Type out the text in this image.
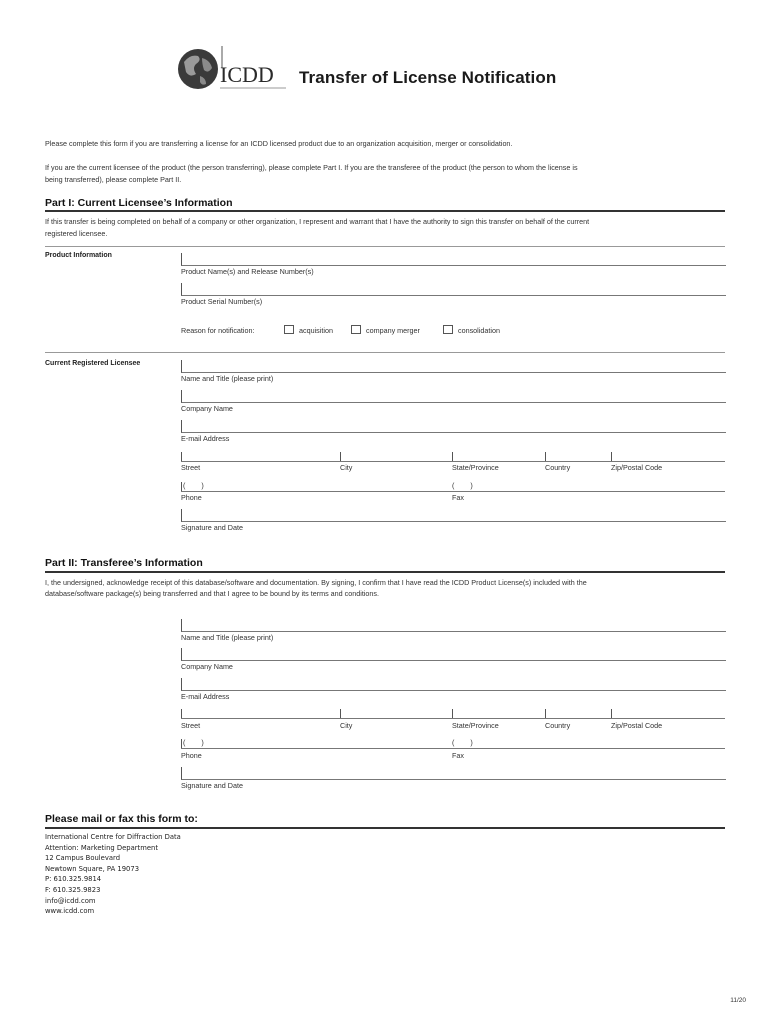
ICDD Transfer of License Notification
Please complete this form if you are transferring a license for an ICDD licensed product due to an organization acquisition, merger or consolidation.
If you are the current licensee of the product (the person transferring), please complete Part I. If you are the transferee of the product (the person to whom the license is
being transferred), please complete Part II.
Part I: Current Licensee’s Information
If this transfer is being completed on behalf of a company or other organization, I represent and warrant that I have the authority to sign this transfer on behalf of the current
registered licensee.
Product Information
Product Name(s) and Release Number(s)
Product Serial Number(s)
Reason for notification:	acquisition	company merger	consolidation
Current Registered Licensee
Name and Title (please print)
Company Name
E-mail Address
Street	City	State/Province	Country	Zip/Postal Code
(        )	(        )
Phone	Fax
Signature and Date
Part II: Transferee’s Information
I, the undersigned, acknowledge receipt of this database/software and documentation. By signing, I confirm that I have read the ICDD Product License(s) included with the
database/software package(s) being transferred and that I agree to be bound by its terms and conditions.
Name and Title (please print)
Company Name
E-mail Address
Street	City	State/Province	Country	Zip/Postal Code
(        )	(        )
Phone	Fax
Signature and Date
Please mail or fax this form to:
International Centre for Diffraction Data
Attention: Marketing Department
12 Campus Boulevard
Newtown Square, PA 19073
P: 610.325.9814
F: 610.325.9823
info@icdd.com
www.icdd.com
11/20
